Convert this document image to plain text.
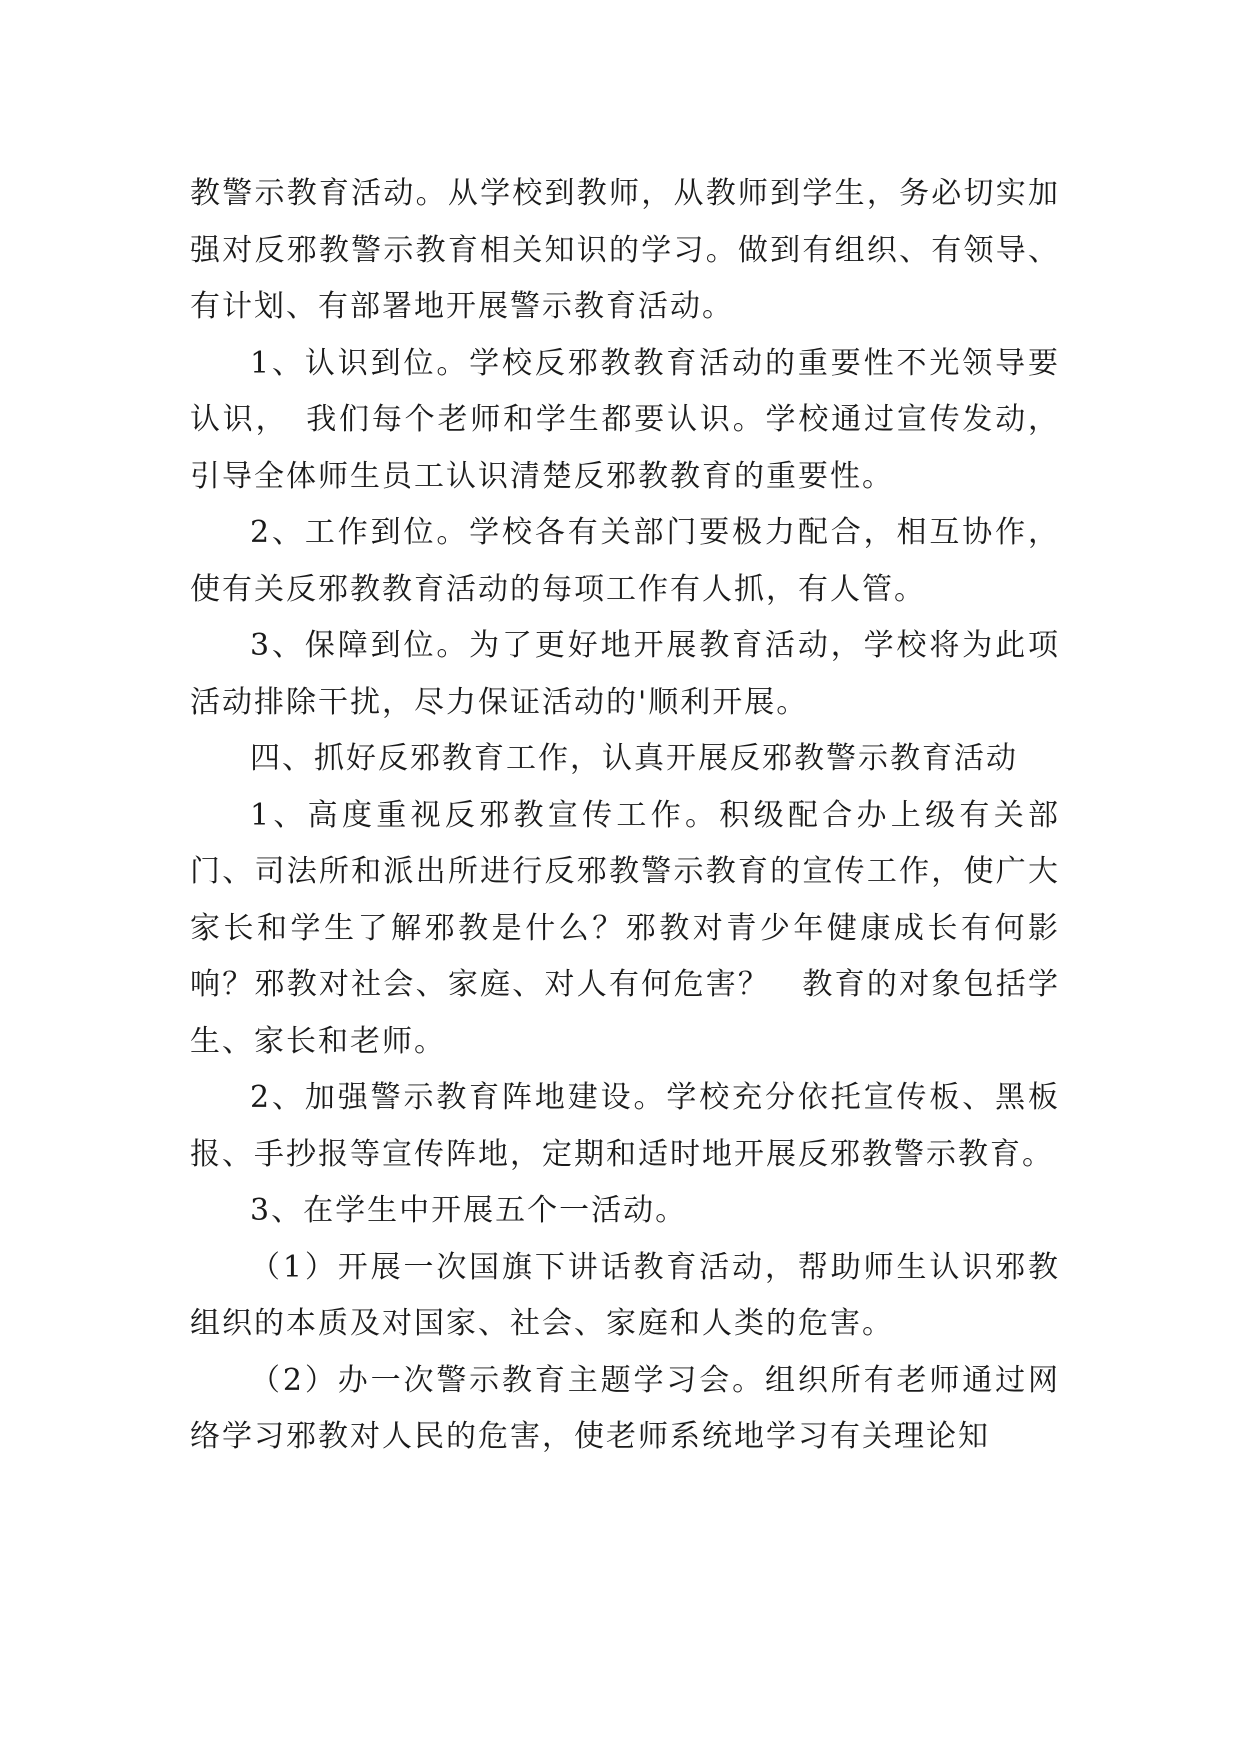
教警示教育活动。从学校到教师，从教师到学生，务必切实加强对反邪教警示教育相关知识的学习。做到有组织、有领导、有计划、有部署地开展警示教育活动。

1、认识到位。学校反邪教教育活动的重要性不光领导要认识，　我们每个老师和学生都要认识。学校通过宣传发动，引导全体师生员工认识清楚反邪教教育的重要性。

2、工作到位。学校各有关部门要极力配合，相互协作，使有关反邪教教育活动的每项工作有人抓，有人管。

3、保障到位。为了更好地开展教育活动，学校将为此项活动排除干扰，尽力保证活动的'顺利开展。

四、抓好反邪教育工作，认真开展反邪教警示教育活动

1、高度重视反邪教宣传工作。积级配合办上级有关部门、司法所和派出所进行反邪教警示教育的宣传工作，使广大家长和学生了解邪教是什么？邪教对青少年健康成长有何影响？邪教对社会、家庭、对人有何危害？　教育的对象包括学生、家长和老师。

2、加强警示教育阵地建设。学校充分依托宣传板、黑板报、手抄报等宣传阵地，定期和适时地开展反邪教警示教育。

3、在学生中开展五个一活动。

（1）开展一次国旗下讲话教育活动，帮助师生认识邪教组织的本质及对国家、社会、家庭和人类的危害。

（2）办一次警示教育主题学习会。组织所有老师通过网络学习邪教对人民的危害，使老师系统地学习有关理论知
